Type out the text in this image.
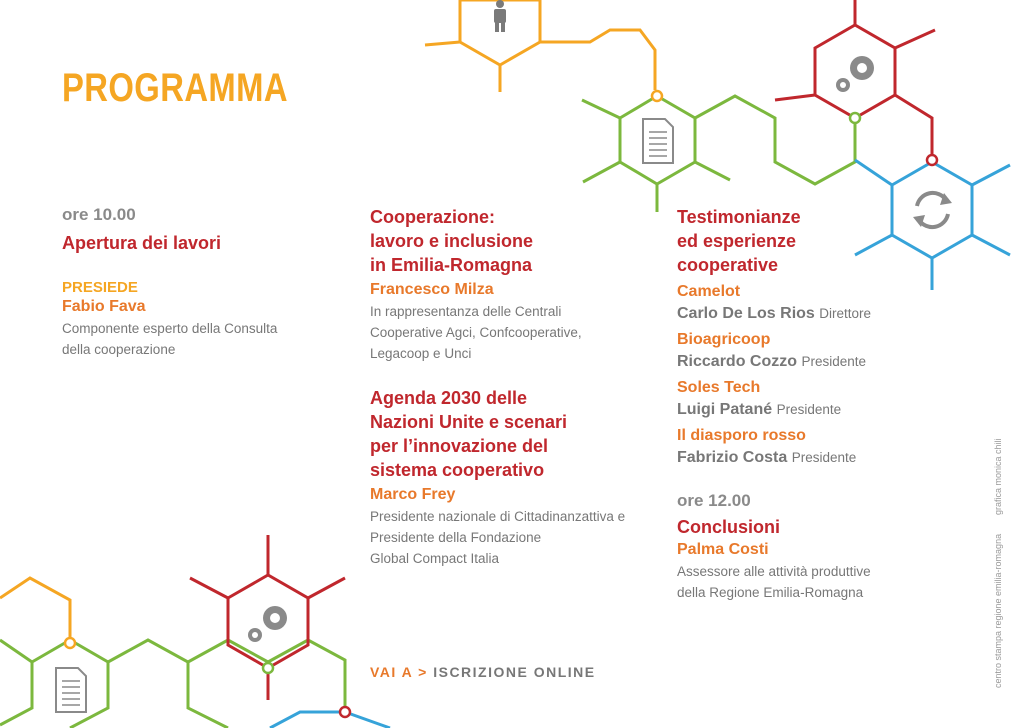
PROGRAMMA
ore 10.00
Apertura dei lavori
PRESIEDE
Fabio Fava
Componente esperto della Consulta
della cooperazione
Cooperazione:
lavoro e inclusione
in Emilia-Romagna
Francesco Milza
In rappresentanza delle Centrali
Cooperative Agci, Confcooperative,
Legacoop e Unci
Agenda 2030 delle
Nazioni Unite e scenari
per l’innovazione del
sistema cooperativo
Marco Frey
Presidente nazionale di Cittadinanzattiva e
Presidente della Fondazione
Global Compact Italia
Testimonianze
ed esperienze
cooperative
Camelot
Carlo De Los Rios Direttore
Bioagricoop
Riccardo Cozzo Presidente
Soles Tech
Luigi Patané Presidente
Il diasporo rosso
Fabrizio Costa Presidente
ore 12.00
Conclusioni
Palma Costi
Assessore alle attività produttive
della Regione Emilia-Romagna
VAI A > ISCRIZIONE ONLINE
grafica monica chili
centro stampa regione emilia-romagna
